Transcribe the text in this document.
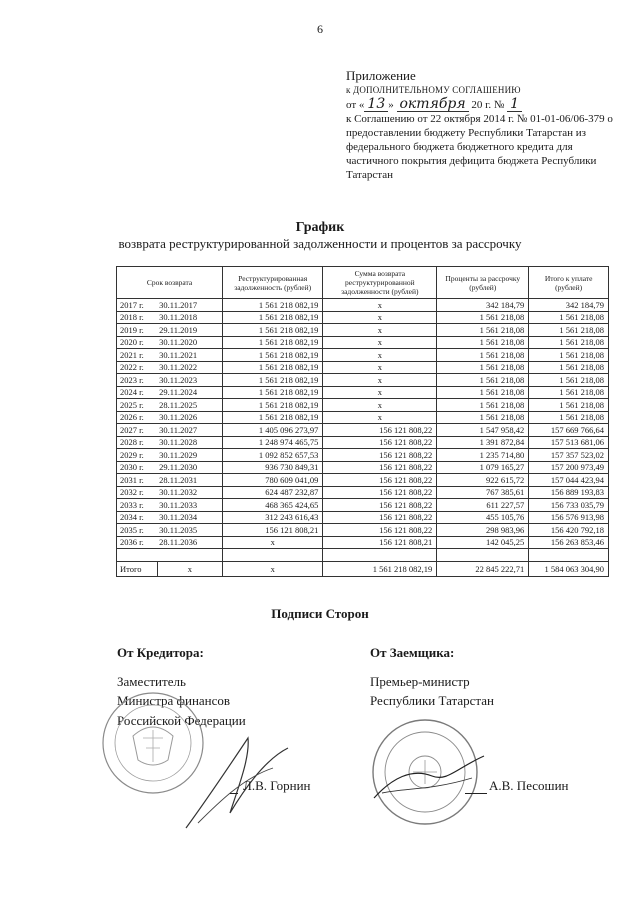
6
Приложение
к ДОПОЛНИТЕЛЬНОМУ СОГЛАШЕНИЮ
от « 13 » октября 20 г. № 1
к Соглашению от 22 октября 2014 г. № 01-01-06/06-379 о предоставлении бюджету Республики Татарстан из федерального бюджета бюджетного кредита для частичного покрытия дефицита бюджета Республики Татарстан
График
возврата реструктурированной задолженности и процентов за рассрочку
Срок возврата		Реструктурированная задолженность (рублей)	Сумма возврата реструктурированной задолженности (рублей)	Проценты за рассрочку (рублей)	Итого к уплате (рублей)
2017 г.	30.11.2017	1 561 218 082,19	x	342 184,79	342 184,79
2018 г.	30.11.2018	1 561 218 082,19	x	1 561 218,08	1 561 218,08
2019 г.	29.11.2019	1 561 218 082,19	x	1 561 218,08	1 561 218,08
2020 г.	30.11.2020	1 561 218 082,19	x	1 561 218,08	1 561 218,08
2021 г.	30.11.2021	1 561 218 082,19	x	1 561 218,08	1 561 218,08
2022 г.	30.11.2022	1 561 218 082,19	x	1 561 218,08	1 561 218,08
2023 г.	30.11.2023	1 561 218 082,19	x	1 561 218,08	1 561 218,08
2024 г.	29.11.2024	1 561 218 082,19	x	1 561 218,08	1 561 218,08
2025 г.	28.11.2025	1 561 218 082,19	x	1 561 218,08	1 561 218,08
2026 г.	30.11.2026	1 561 218 082,19	x	1 561 218,08	1 561 218,08
2027 г.	30.11.2027	1 405 096 273,97	156 121 808,22	1 547 958,42	157 669 766,64
2028 г.	30.11.2028	1 248 974 465,75	156 121 808,22	1 391 872,84	157 513 681,06
2029 г.	30.11.2029	1 092 852 657,53	156 121 808,22	1 235 714,80	157 357 523,02
2030 г.	29.11.2030	936 730 849,31	156 121 808,22	1 079 165,27	157 200 973,49
2031 г.	28.11.2031	780 609 041,09	156 121 808,22	922 615,72	157 044 423,94
2032 г.	30.11.2032	624 487 232,87	156 121 808,22	767 385,61	156 889 193,83
2033 г.	30.11.2033	468 365 424,65	156 121 808,22	611 227,57	156 733 035,79
2034 г.	30.11.2034	312 243 616,43	156 121 808,22	455 105,76	156 576 913,98
2035 г.	30.11.2035	156 121 808,21	156 121 808,22	298 983,96	156 420 792,18
2036 г.	28.11.2036	x	156 121 808,21	142 045,25	156 263 853,46

Итого	x	x	1 561 218 082,19	22 845 222,71	1 584 063 304,90
Подписи Сторон
От Кредитора:	От Заемщика:
Заместитель
Министра финансов
Российской Федерации
Премьер-министр
Республики Татарстан
Л.В. Горнин	А.В. Песошин
